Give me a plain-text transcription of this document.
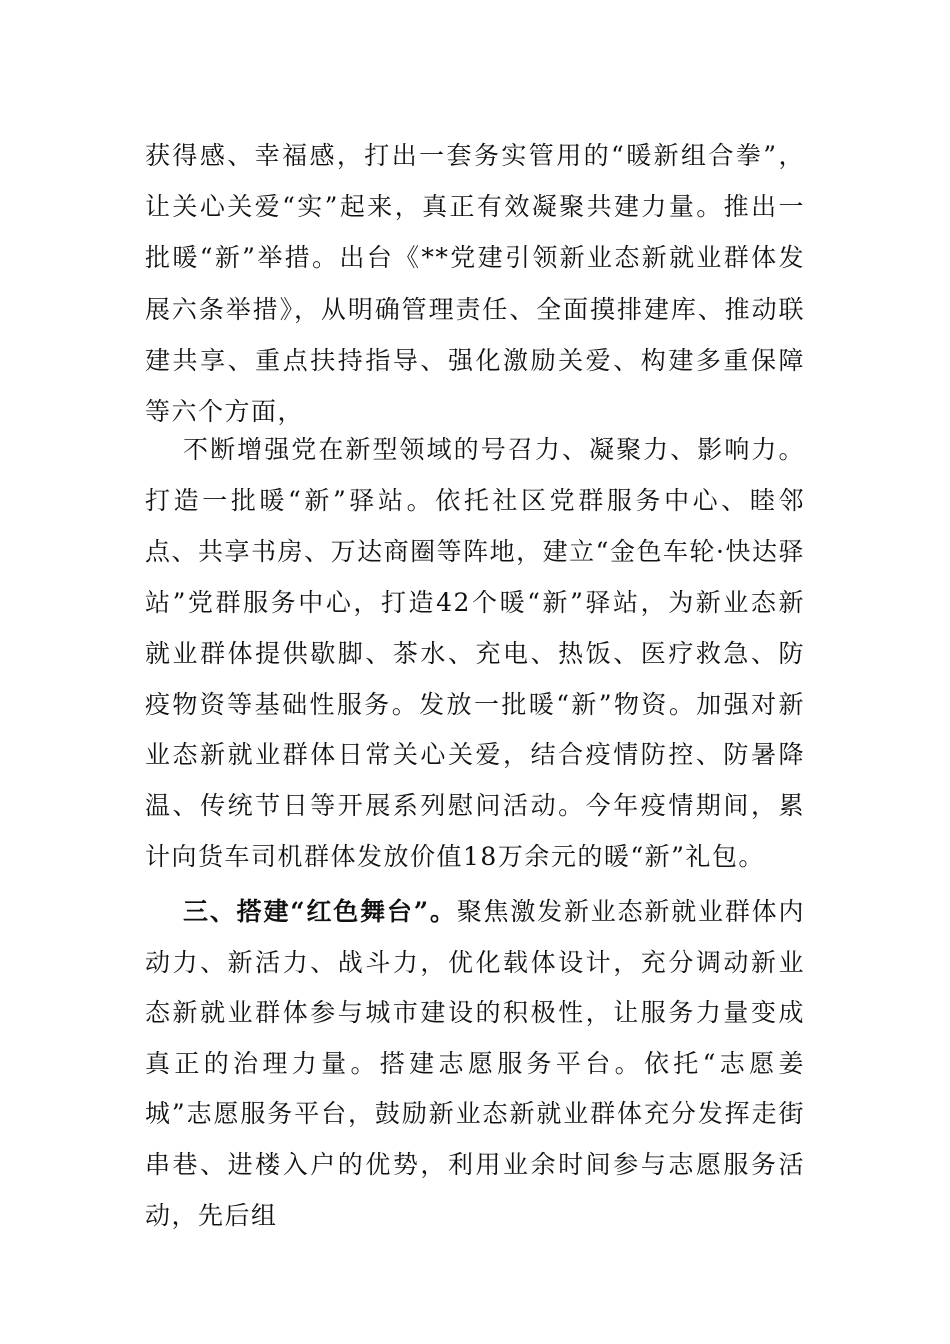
获得感、幸福感，打出一套务实管用的“暖新组合拳”，让关心关爱“实”起来，真正有效凝聚共建力量。推出一批暖“新”举措。出台《**党建引领新业态新就业群体发展六条举措》，从明确管理责任、全面摸排建库、推动联建共享、重点扶持指导、强化激励关爱、构建多重保障等六个方面，

不断增强党在新型领域的号召力、凝聚力、影响力。打造一批暖“新”驿站。依托社区党群服务中心、睦邻点、共享书房、万达商圈等阵地，建立“金色车轮·快达驿站”党群服务中心，打造42个暖“新”驿站，为新业态新就业群体提供歇脚、茶水、充电、热饭、医疗救急、防疫物资等基础性服务。发放一批暖“新”物资。加强对新业态新就业群体日常关心关爱，结合疫情防控、防暑降温、传统节日等开展系列慰问活动。今年疫情期间，累计向货车司机群体发放价值18万余元的暖“新”礼包。

三、搭建“红色舞台”。聚焦激发新业态新就业群体内动力、新活力、战斗力，优化载体设计，充分调动新业态新就业群体参与城市建设的积极性，让服务力量变成真正的治理力量。搭建志愿服务平台。依托“志愿姜城”志愿服务平台，鼓励新业态新就业群体充分发挥走街串巷、进楼入户的优势，利用业余时间参与志愿服务活动，先后组
